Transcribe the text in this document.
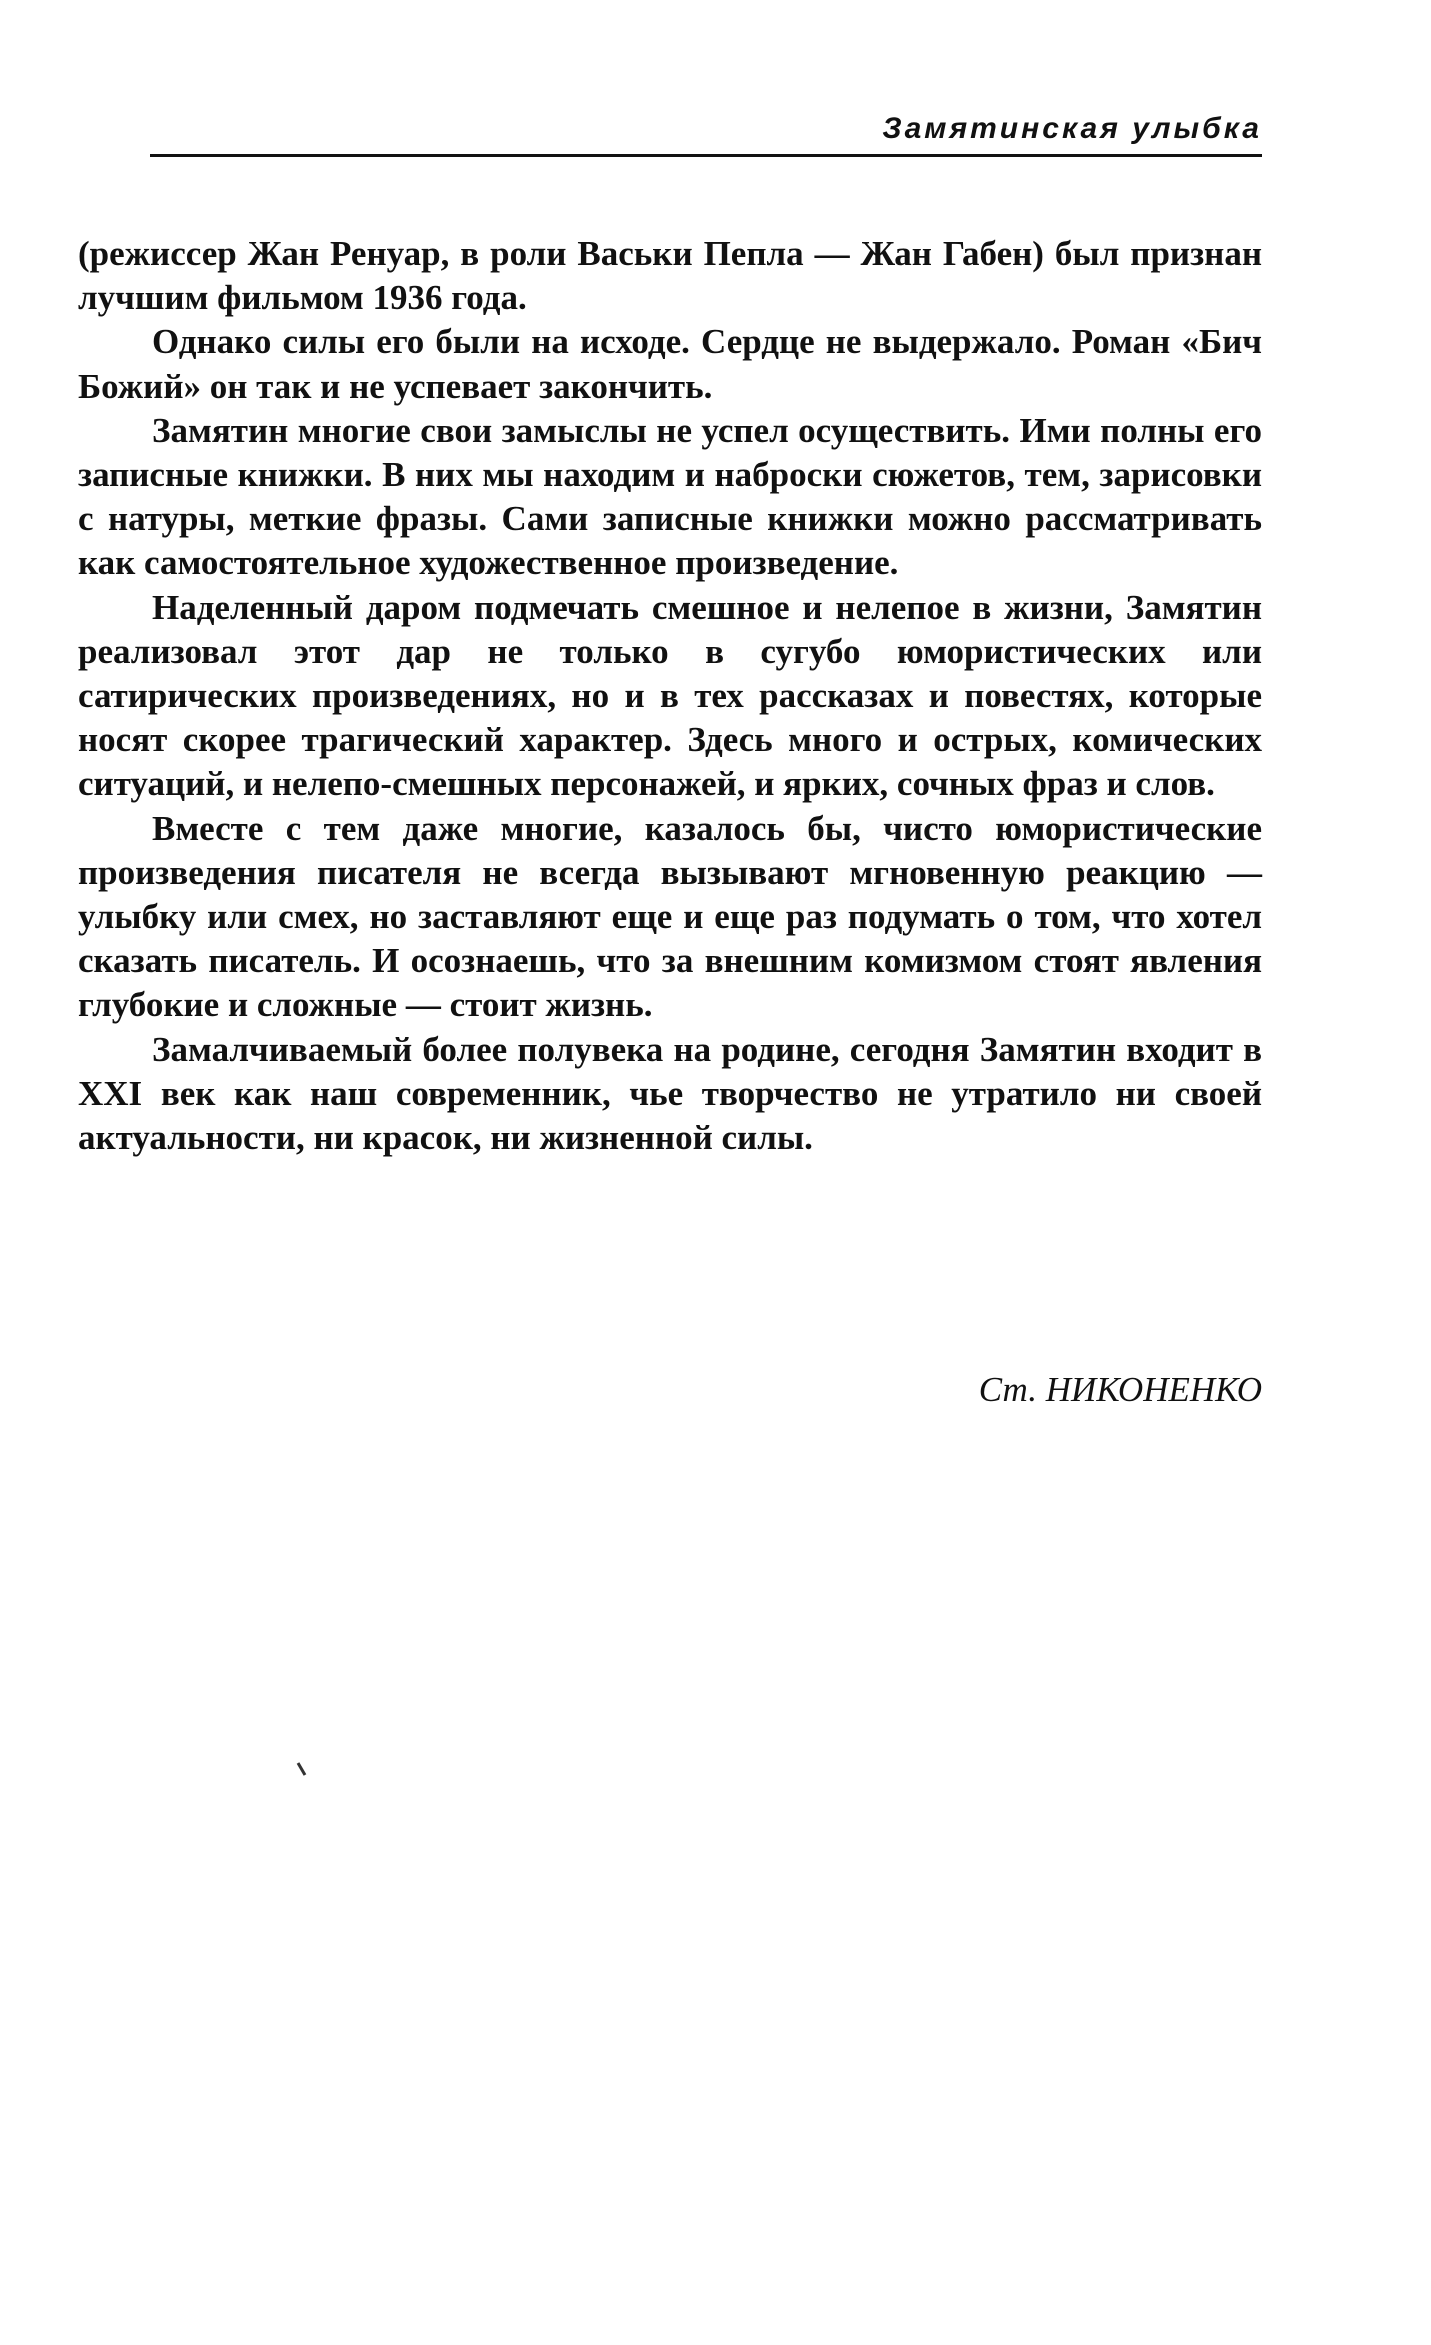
Замятинская улыбка

(режиссер Жан Ренуар, в роли Васьки Пепла — Жан Габен) был признан лучшим фильмом 1936 года.

Однако силы его были на исходе. Сердце не выдержало. Роман «Бич Божий» он так и не успевает закончить.

Замятин многие свои замыслы не успел осуществить. Ими полны его записные книжки. В них мы находим и наброски сюжетов, тем, зарисовки с натуры, меткие фразы. Сами записные книжки можно рассматривать как самостоятельное художественное произведение.

Наделенный даром подмечать смешное и нелепое в жизни, Замятин реализовал этот дар не только в сугубо юмористических или сатирических произведениях, но и в тех рассказах и повестях, которые носят скорее трагический характер. Здесь много и острых, комических ситуаций, и нелепо-смешных персонажей, и ярких, сочных фраз и слов.

Вместе с тем даже многие, казалось бы, чисто юмористические произведения писателя не всегда вызывают мгновенную реакцию — улыбку или смех, но заставляют еще и еще раз подумать о том, что хотел сказать писатель. И осознаешь, что за внешним комизмом стоят явления глубокие и сложные — стоит жизнь.

Замалчиваемый более полувека на родине, сегодня Замятин входит в XXI век как наш современник, чье творчество не утратило ни своей актуальности, ни красок, ни жизненной силы.

Ст. НИКОНЕНКО
